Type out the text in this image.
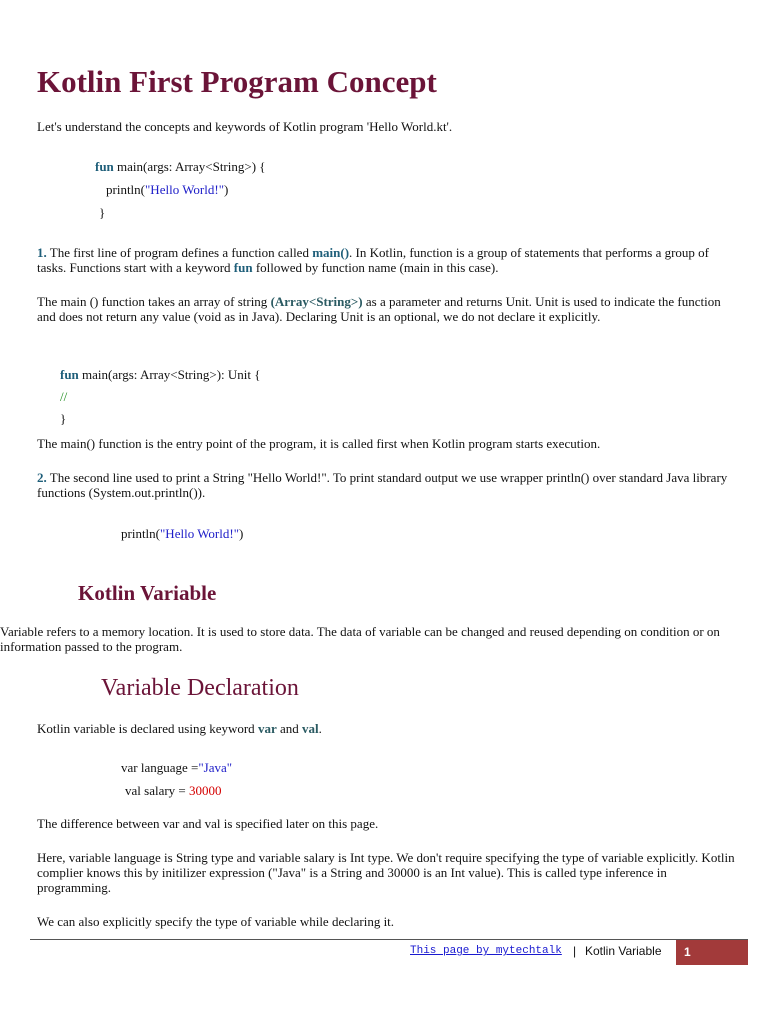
Kotlin First Program Concept
Let's understand the concepts and keywords of Kotlin program 'Hello World.kt'.
fun main(args: Array<String>) {
println("Hello World!")
}
1. The first line of program defines a function called main(). In Kotlin, function is a group of statements that performs a group of tasks. Functions start with a keyword fun followed by function name (main in this case).
The main () function takes an array of string (Array<String>) as a parameter and returns Unit. Unit is used to indicate the function and does not return any value (void as in Java). Declaring Unit is an optional, we do not declare it explicitly.
fun main(args: Array<String>): Unit {
//
}
The main() function is the entry point of the program, it is called first when Kotlin program starts execution.
2. The second line used to print a String "Hello World!". To print standard output we use wrapper println() over standard Java library functions (System.out.println()).
println("Hello World!")
Kotlin Variable
Variable refers to a memory location. It is used to store data. The data of variable can be changed and reused depending on condition or on information passed to the program.
Variable Declaration
Kotlin variable is declared using keyword var and val.
var language ="Java"
val salary = 30000
The difference between var and val is specified later on this page.
Here, variable language is String type and variable salary is Int type. We don't require specifying the type of variable explicitly. Kotlin complier knows this by initilizer expression ("Java" is a String and 30000 is an Int value). This is called type inference in programming.
We can also explicitly specify the type of variable while declaring it.
This page by mytechtalk | Kotlin Variable	1
